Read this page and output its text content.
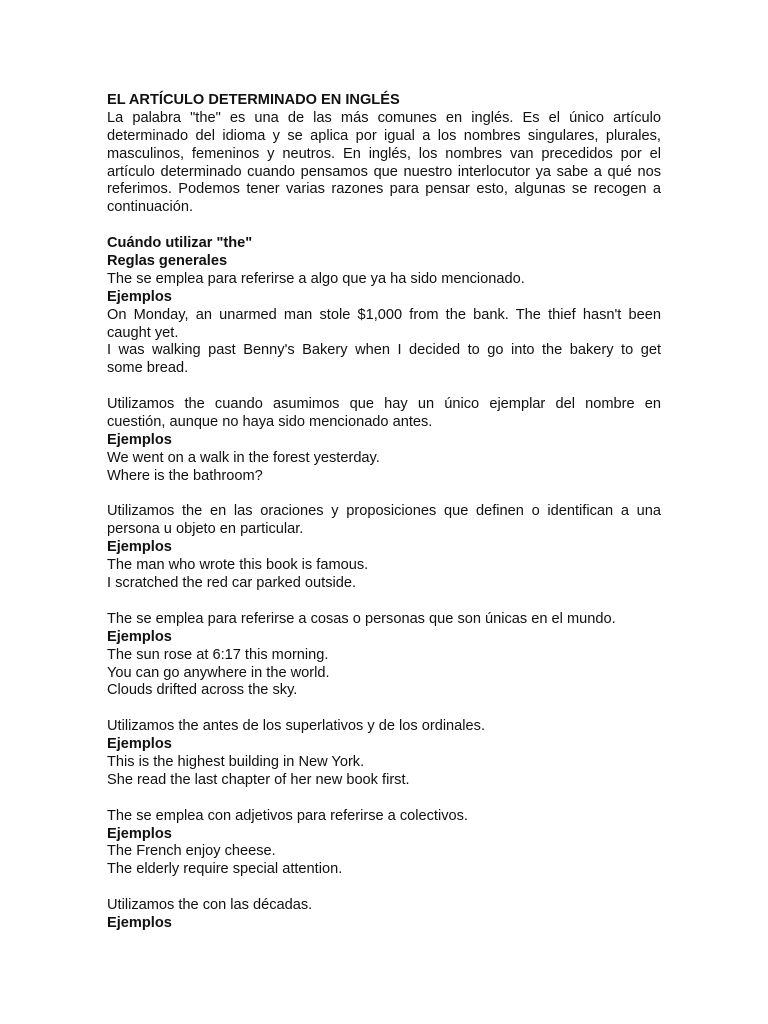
EL ARTÍCULO DETERMINADO EN INGLÉS
La palabra "the" es una de las más comunes en inglés. Es el único artículo
determinado del idioma y se aplica por igual a los nombres singulares, plurales,
masculinos, femeninos y neutros. En inglés, los nombres van precedidos por el
artículo determinado cuando pensamos que nuestro interlocutor ya sabe a qué nos
referimos. Podemos tener varias razones para pensar esto, algunas se recogen a
continuación.
Cuándo utilizar "the"
Reglas generales
The se emplea para referirse a algo que ya ha sido mencionado.
Ejemplos
On Monday, an unarmed man stole $1,000 from the bank. The thief hasn't been
caught yet.
I was walking past Benny's Bakery when I decided to go into the bakery to get
some bread.
Utilizamos the cuando asumimos que hay un único ejemplar del nombre en
cuestión, aunque no haya sido mencionado antes.
Ejemplos
We went on a walk in the forest yesterday.
Where is the bathroom?
Utilizamos the en las oraciones y proposiciones que definen o identifican a una
persona u objeto en particular.
Ejemplos
The man who wrote this book is famous.
I scratched the red car parked outside.
The se emplea para referirse a cosas o personas que son únicas en el mundo.
Ejemplos
The sun rose at 6:17 this morning.
You can go anywhere in the world.
Clouds drifted across the sky.
Utilizamos the antes de los superlativos y de los ordinales.
Ejemplos
This is the highest building in New York.
She read the last chapter of her new book first.
The se emplea con adjetivos para referirse a colectivos.
Ejemplos
The French enjoy cheese.
The elderly require special attention.
Utilizamos the con las décadas.
Ejemplos
